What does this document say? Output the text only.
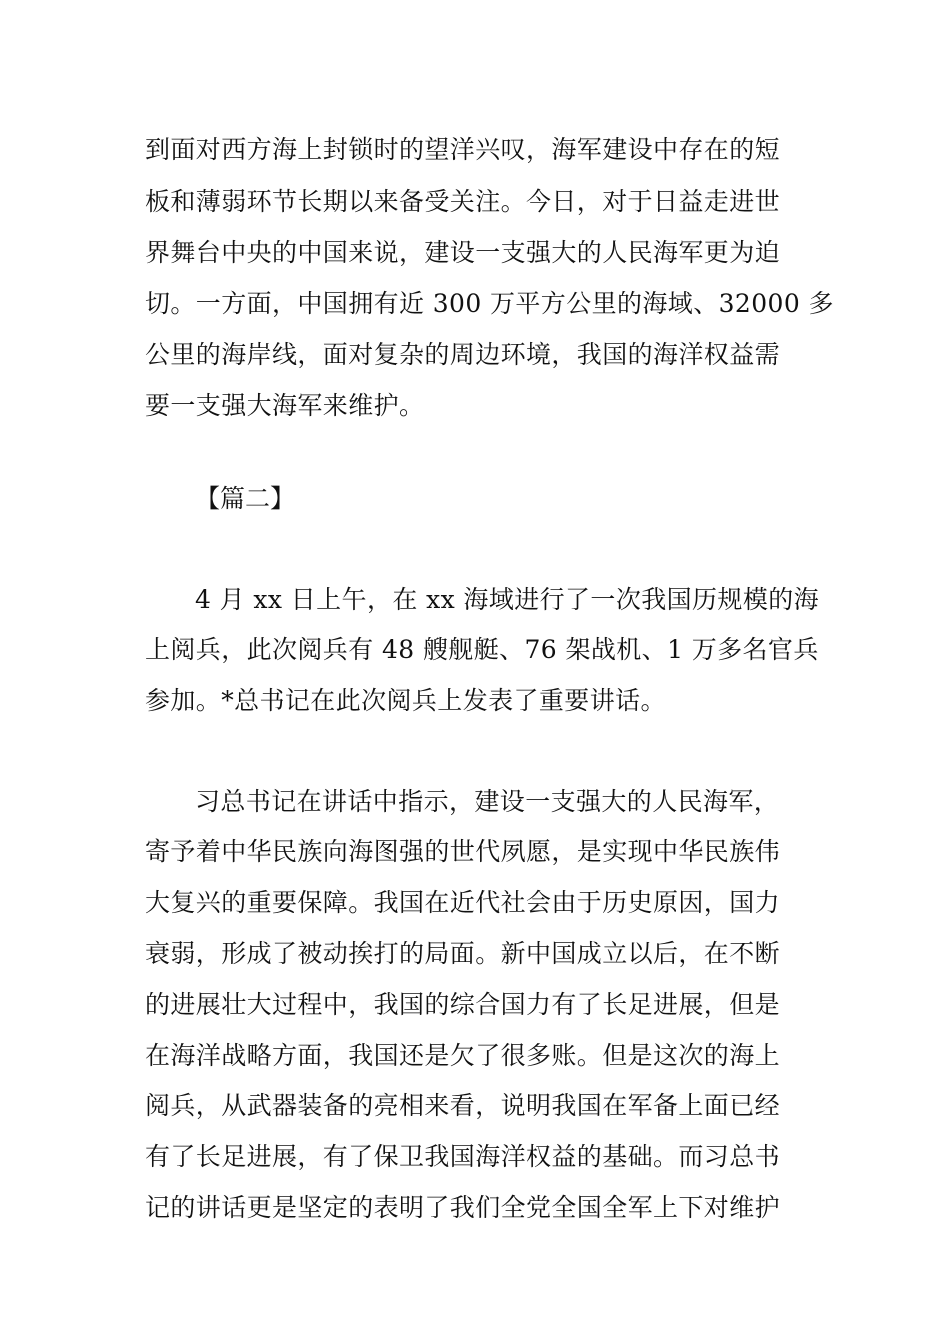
到面对西方海上封锁时的望洋兴叹，海军建设中存在的短
板和薄弱环节长期以来备受关注。今日，对于日益走进世
界舞台中央的中国来说，建设一支强大的人民海军更为迫
切。一方面，中国拥有近 300 万平方公里的海域、32000 多
公里的海岸线，面对复杂的周边环境，我国的海洋权益需
要一支强大海军来维护。
【篇二】
4 月 xx 日上午，在 xx 海域进行了一次我国历规模的海
上阅兵，此次阅兵有 48 艘舰艇、76 架战机、1 万多名官兵
参加。*总书记在此次阅兵上发表了重要讲话。
习总书记在讲话中指示，建设一支强大的人民海军，
寄予着中华民族向海图强的世代夙愿，是实现中华民族伟
大复兴的重要保障。我国在近代社会由于历史原因，国力
衰弱，形成了被动挨打的局面。新中国成立以后，在不断
的进展壮大过程中，我国的综合国力有了长足进展，但是
在海洋战略方面，我国还是欠了很多账。但是这次的海上
阅兵，从武器装备的亮相来看，说明我国在军备上面已经
有了长足进展，有了保卫我国海洋权益的基础。而习总书
记的讲话更是坚定的表明了我们全党全国全军上下对维护
